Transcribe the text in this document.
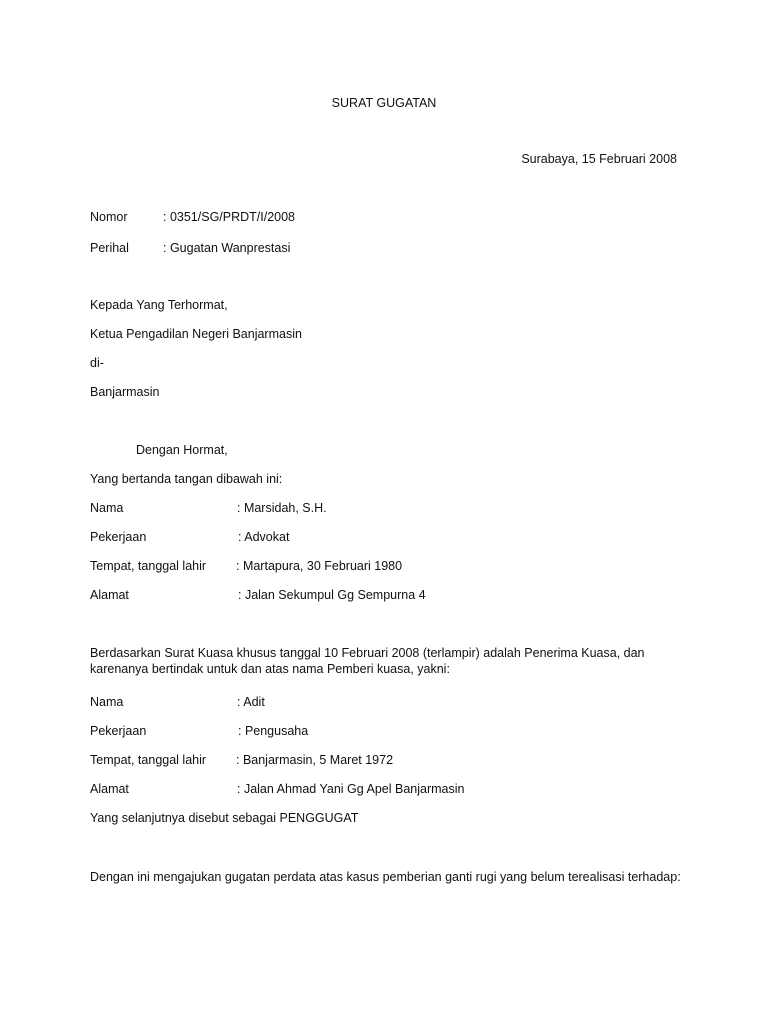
SURAT GUGATAN
Surabaya, 15 Februari 2008
Nomor	: 0351/SG/PRDT/I/2008
Perihal	: Gugatan Wanprestasi
Kepada Yang Terhormat,
Ketua Pengadilan Negeri Banjarmasin
di-
Banjarmasin
Dengan Hormat,
Yang bertanda tangan dibawah ini:
Nama	: Marsidah, S.H.
Pekerjaan	: Advokat
Tempat, tanggal lahir : Martapura, 30 Februari 1980
Alamat	: Jalan Sekumpul Gg Sempurna 4
Berdasarkan Surat Kuasa khusus tanggal 10 Februari 2008 (terlampir) adalah Penerima Kuasa, dan karenanya bertindak untuk dan atas nama Pemberi kuasa, yakni:
Nama	: Adit
Pekerjaan	: Pengusaha
Tempat, tanggal lahir : Banjarmasin, 5 Maret 1972
Alamat	: Jalan Ahmad Yani Gg Apel Banjarmasin
Yang selanjutnya disebut sebagai PENGGUGAT
Dengan ini mengajukan gugatan perdata atas kasus pemberian ganti rugi yang belum terealisasi terhadap:
